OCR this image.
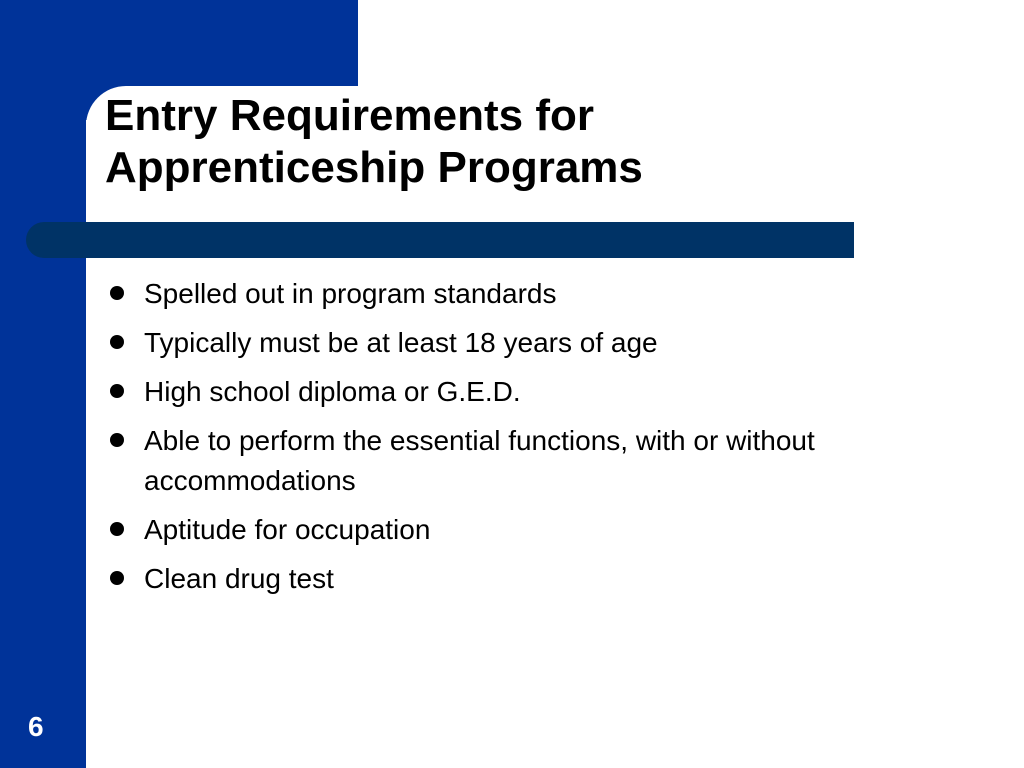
Entry Requirements for
Apprenticeship Programs
Spelled out in program standards
Typically must be at least 18 years of age
High school diploma or G.E.D.
Able to perform the essential functions, with or without accommodations
Aptitude for occupation
Clean drug test
6
